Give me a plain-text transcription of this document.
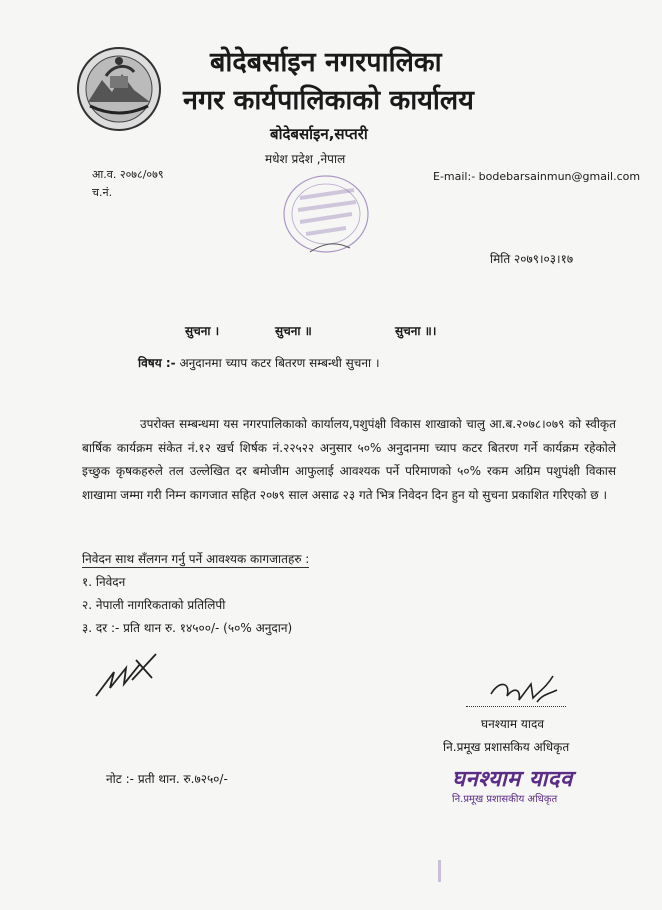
बोदेबर्साइन नगरपालिका
नगर कार्यपालिकाको कार्यालय
बोदेबर्साइन,सप्तरी
मधेश प्रदेश ,नेपाल
आ.व. २०७८/०७९
च.नं.
E-mail:- bodebarsainmun@gmail.com
मिति २०७९।०३।१७
सुचना ।	सुचना ॥	सुचना ॥।
विषय :- अनुदानमा च्याप कटर बितरण सम्बन्धी सुचना ।
उपरोक्त सम्बन्धमा यस नगरपालिकाको कार्यालय,पशुपंक्षी विकास शाखाको चालु आ.ब.२०७८।०७९ को स्वीकृत बार्षिक कार्यक्रम संकेत नं.१२ खर्च शिर्षक नं.२२५२२ अनुसार ५०% अनुदानमा च्याप कटर बितरण गर्ने कार्यक्रम रहेकोले इच्छुक कृषकहरुले तल उल्लेखित दर बमोजीम आफुलाई आवश्यक पर्ने परिमाणको ५०% रकम अग्रिम पशुपंक्षी विकास शाखामा जम्मा गरी निम्न कागजात सहित २०७९ साल असाढ २३ गते भित्र निवेदन दिन हुन यो सुचना प्रकाशित गरिएको छ ।
निवेदन साथ सँलगन गर्नु पर्ने आवश्यक कागजातहरु :
१. निवेदन
२. नेपाली नागरिकताको प्रतिलिपी
३. दर :- प्रति थान रु. १४५००/- (५०% अनुदान)
घनश्याम यादव
नि.प्रमूख प्रशासकिय अधिकृत
नोट :- प्रती थान. रु.७२५०/-	घनश्याम यादव
नि.प्रमूख प्रशासकीय अधिकृत
